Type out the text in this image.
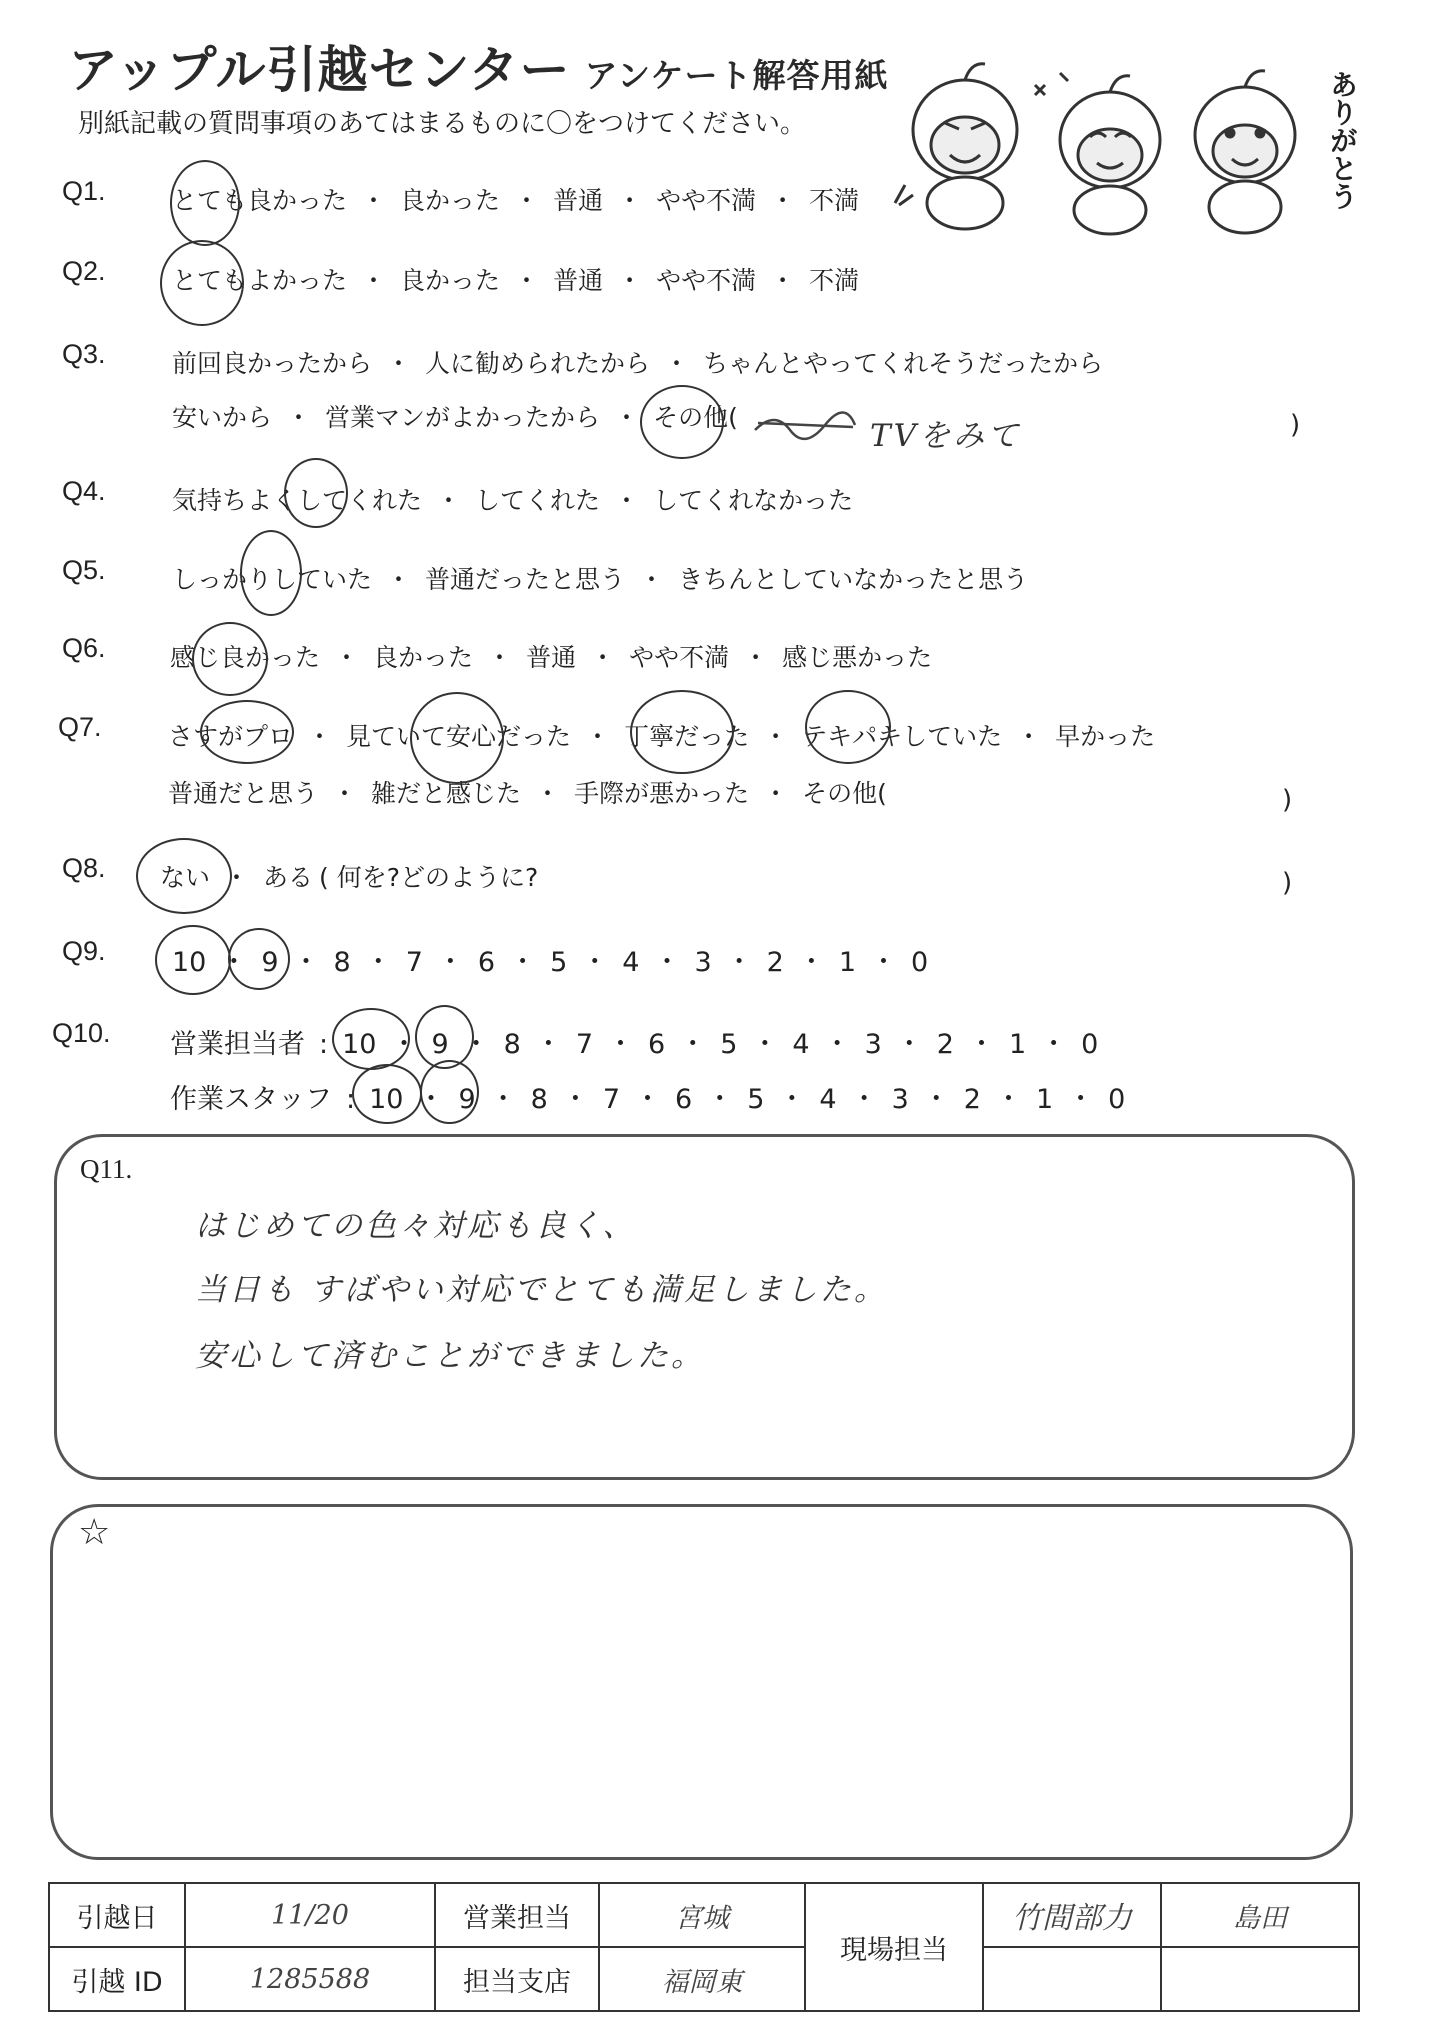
アップル引越センター アンケート解答用紙
別紙記載の質問事項のあてはまるものに〇をつけてください。	ありがとう
Q1.	とても良かった ・ 良かった ・ 普通 ・ やや不満 ・ 不満
Q2.	とてもよかった ・ 良かった ・ 普通 ・ やや不満 ・ 不満
Q3.	前回良かったから ・ 人に勧められたから ・ ちゃんとやってくれそうだったから
安いから ・ 営業マンがよかったから ・ その他(
TVをみて	)
Q4.	気持ちよくしてくれた ・ してくれた ・ してくれなかった
Q5.	しっかりしていた ・ 普通だったと思う ・ きちんとしていなかったと思う
Q6.	感じ良かった ・ 良かった ・ 普通 ・ やや不満 ・ 感じ悪かった
Q7.	さすがプロ ・ 見ていて安心だった ・ 丁寧だった ・ テキパキしていた ・ 早かった
普通だと思う ・ 雑だと感じた ・ 手際が悪かった ・ その他(	)
Q8. ない ・ ある ( 何を?どのように?	)
Q9. 10 ・ 9 ・ 8 ・ 7 ・ 6 ・ 5 ・ 4 ・ 3 ・ 2 ・ 1 ・ 0
Q10. 営業担当者 : 10 ・ 9 ・ 8 ・ 7 ・ 6 ・ 5 ・ 4 ・ 3 ・ 2 ・ 1 ・ 0
作業スタッフ : 10 ・ 9 ・ 8 ・ 7 ・ 6 ・ 5 ・ 4 ・ 3 ・ 2 ・ 1 ・ 0
Q11.
はじめての色々対応も良く、
当日も すばやい対応でとても満足しました。
安心して済むことができました。
☆
引越日	11/20	営業担当	宮城	現場担当	竹間部力	島田
引越 ID	1285588	担当支店	福岡東			
